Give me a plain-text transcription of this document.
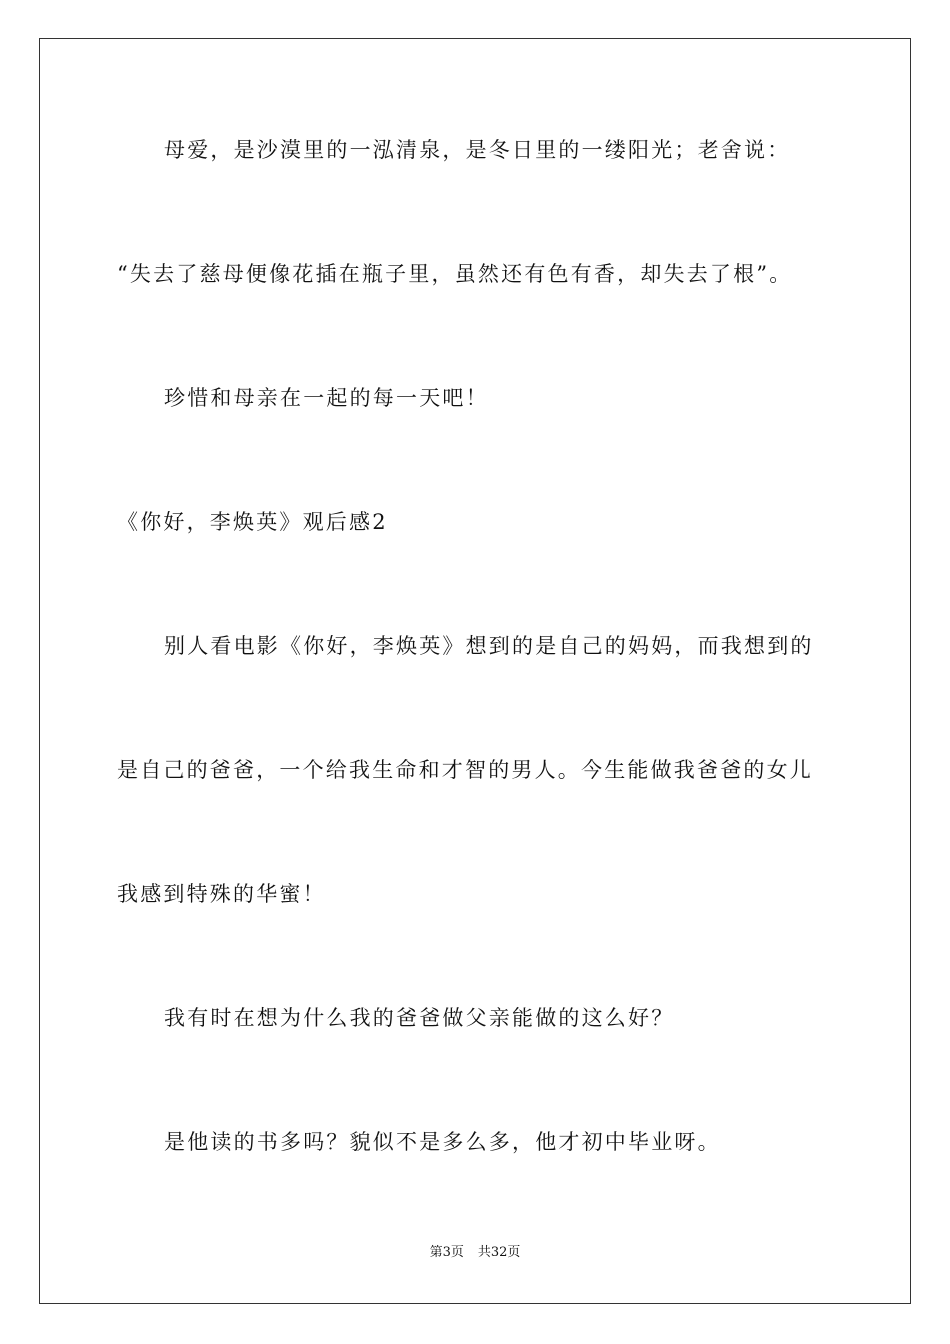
母爱，是沙漠里的一泓清泉，是冬日里的一缕阳光；老舍说：
“失去了慈母便像花插在瓶子里，虽然还有色有香，却失去了根”。
珍惜和母亲在一起的每一天吧！
《你好，李焕英》观后感2
别人看电影《你好，李焕英》想到的是自己的妈妈，而我想到的
是自己的爸爸，一个给我生命和才智的男人。今生能做我爸爸的女儿
我感到特殊的华蜜！
我有时在想为什么我的爸爸做父亲能做的这么好？
是他读的书多吗？貌似不是多么多，他才初中毕业呀。
第3页 共32页
